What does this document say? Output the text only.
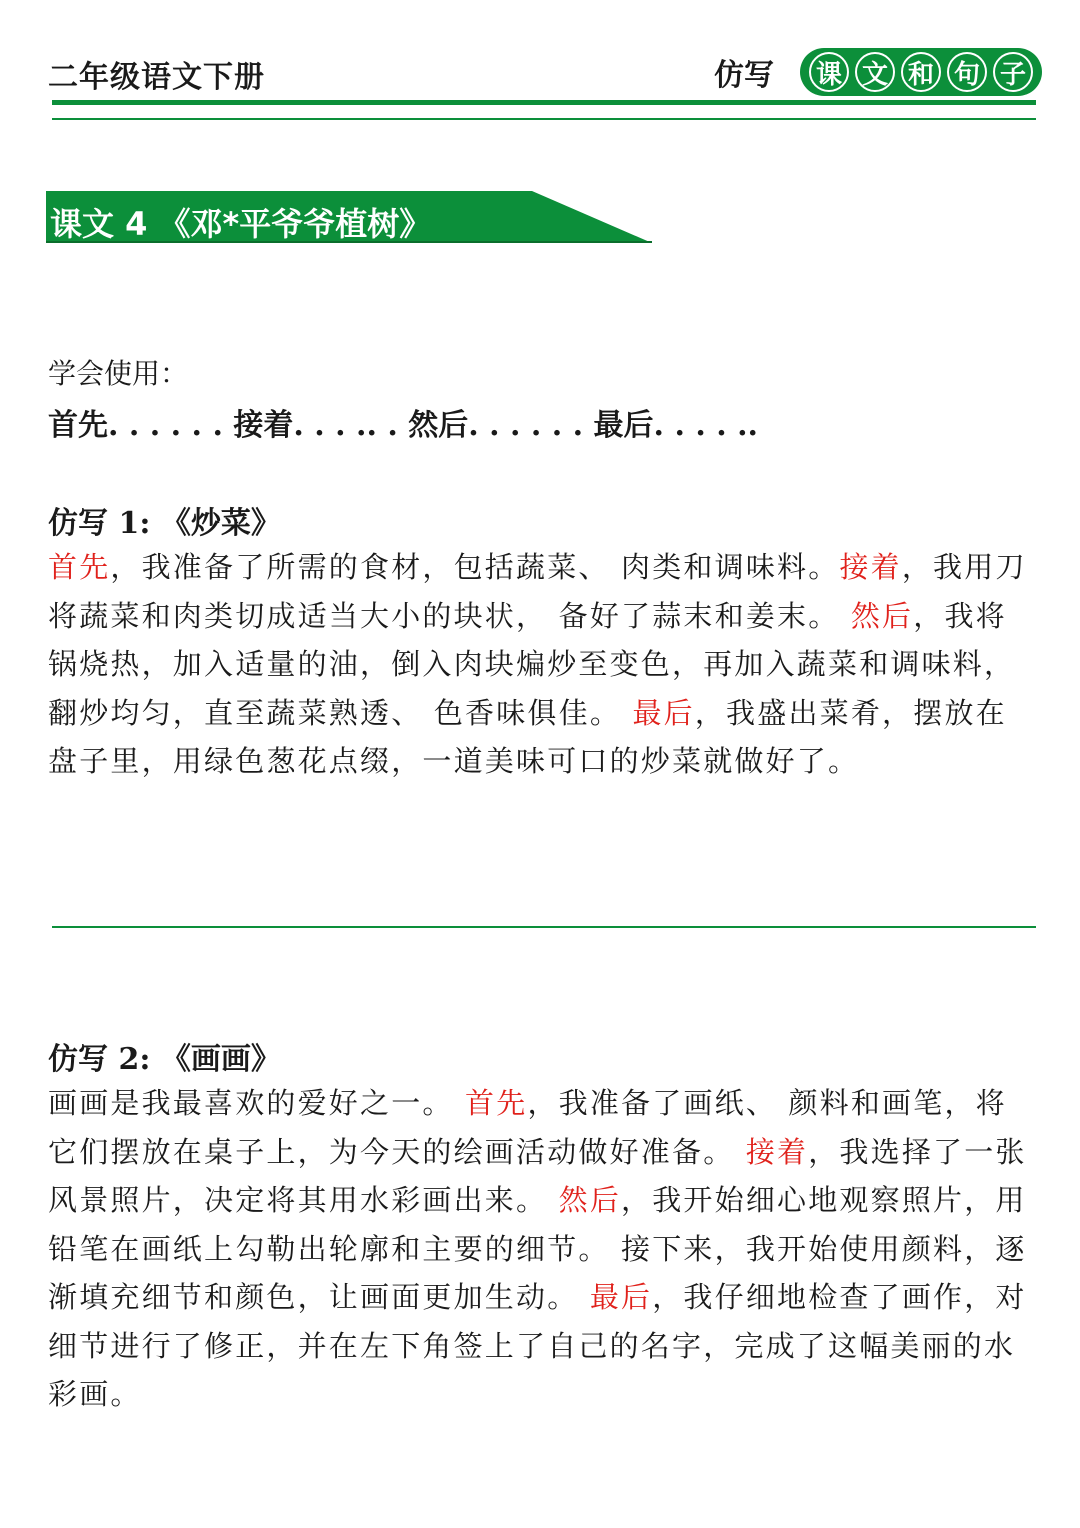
二年级语文下册	仿写 课 文 和 句 子
课文 4 《邓*平爷爷植树》
学会使用：
首先. . . . . . 接着. . . .. . 然后. . . . . . 最后. . . . ..
仿写 1: 《炒菜》

首先，我准备了所需的食材，包括蔬菜、 肉类和调味料。接着，我用刀将蔬菜和肉类切成适当大小的块状， 备好了蒜末和姜末。 然后，我将锅烧热，加入适量的油，倒入肉块煸炒至变色，再加入蔬菜和调味料，翻炒均匀，直至蔬菜熟透、 色香味俱佳。 最后，我盛出菜肴，摆放在盘子里，用绿色葱花点缀，一道美味可口的炒菜就做好了。

仿写 2: 《画画》

画画是我最喜欢的爱好之一。 首先，我准备了画纸、 颜料和画笔，将它们摆放在桌子上，为今天的绘画活动做好准备。 接着，我选择了一张风景照片，决定将其用水彩画出来。 然后，我开始细心地观察照片，用铅笔在画纸上勾勒出轮廓和主要的细节。 接下来，我开始使用颜料，逐渐填充细节和颜色，让画面更加生动。 最后，我仔细地检查了画作，对细节进行了修正，并在左下角签上了自己的名字，完成了这幅美丽的水彩画。
